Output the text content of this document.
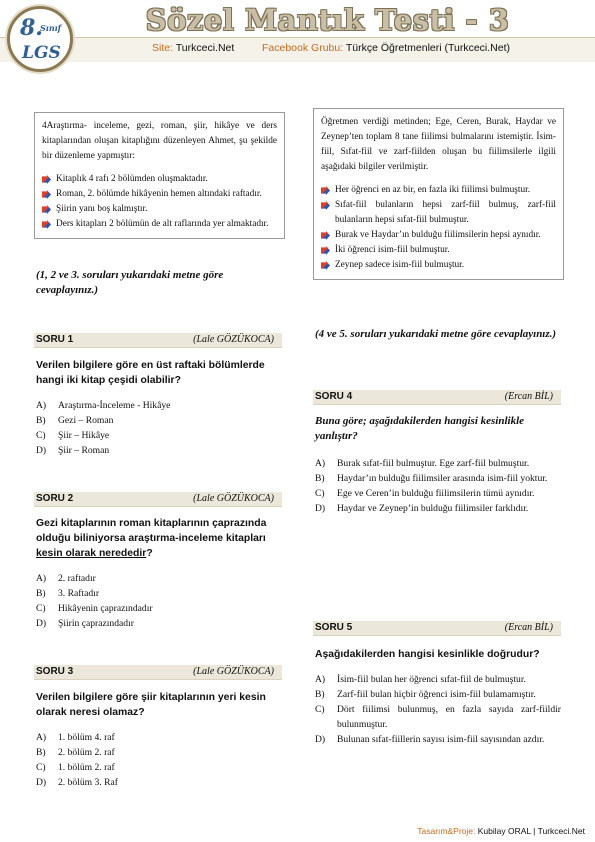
8.
Sınıf
LGS
Sözel Mantık Testi - 3
Site: Turkceci.Net	Facebook Grubu: Türkçe Öğretmenleri (Turkceci.Net)
4Araştırma- inceleme, gezi, roman, şiir, hikâye ve ders kitaplarından oluşan kitaplığını düzenleyen Ahmet, şu şekilde bir düzenleme yapmıştır:
Kitaplık 4 rafı 2 bölümden oluşmaktadır.
Roman, 2. bölümde hikâyenin hemen altındaki raftadır.
Şiirin yanı boş kalmıştır.
Ders kitapları 2 bölümün de alt raflarında yer almaktadır.
(1, 2 ve 3. soruları yukarıdaki metne göre cevaplayınız.)
Öğretmen verdiği metinden; Ege, Ceren, Burak, Haydar ve Zeynep’ten toplam 8 tane fiilimsi bulmalarını istemiştir. İsim-fiil, Sıfat-fiil ve zarf-fiilden oluşan bu fiilimsilerle ilgili aşağıdaki bilgiler verilmiştir.
Her öğrenci en az bir, en fazla iki fiilimsi bulmuştur.
Sıfat-fiil bulanların hepsi zarf-fiil bulmuş, zarf-fiil bulanların hepsi sıfat-fiil bulmuştur.
Burak ve Haydar’ın bulduğu fiilimsilerin hepsi aynıdır.
İki öğrenci isim-fiil bulmuştur.
Zeynep sadece isim-fiil bulmuştur.
(4 ve 5. soruları yukarıdaki metne göre cevaplayınız.)
SORU 1	(Lale GÖZÜKOCA)
Verilen bilgilere göre en üst raftaki bölümlerde hangi iki kitap çeşidi olabilir?
A) Araştırma-İnceleme - Hikâye
B) Gezi – Roman
C) Şiir – Hikâye
D) Şiir – Roman
SORU 2	(Lale GÖZÜKOCA)
Gezi kitaplarının roman kitaplarının çaprazında olduğu biliniyorsa araştırma-inceleme kitapları kesin olarak nerededir?
A) 2. raftadır
B) 3. Raftadır
C) Hikâyenin çaprazındadır
D) Şiirin çaprazındadır
SORU 3	(Lale GÖZÜKOCA)
Verilen bilgilere göre şiir kitaplarının yeri kesin olarak neresi olamaz?
A) 1. bölüm 4. raf
B) 2. bölüm 2. raf
C) 1. bölüm 2. raf
D) 2. bölüm 3. Raf
SORU 4	(Ercan BİL)
Buna göre; aşağıdakilerden hangisi kesinlikle yanlıştır?
A) Burak sıfat-fiil bulmuştur. Ege zarf-fiil bulmuştur.
B) Haydar’ın bulduğu fiilimsiler arasında isim-fiil yoktur.
C) Ege ve Ceren’in bulduğu fiilimsilerin tümü aynıdır.
D) Haydar ve Zeynep’in bulduğu fiilimsiler farklıdır.
SORU 5	(Ercan BİL)
Aşağıdakilerden hangisi kesinlikle doğrudur?
A) İsim-fiil bulan her öğrenci sıfat-fiil de bulmuştur.
B) Zarf-fiil bulan hiçbir öğrenci isim-fiil bulamamıştır.
C) Dört fiilimsi bulunmuş, en fazla sayıda zarf-fiildir bulunmuştur.
D) Bulunan sıfat-fiillerin sayısı isim-fiil sayısından azdır.
Tasarım&Proje: Kubilay ORAL | Turkceci.Net
